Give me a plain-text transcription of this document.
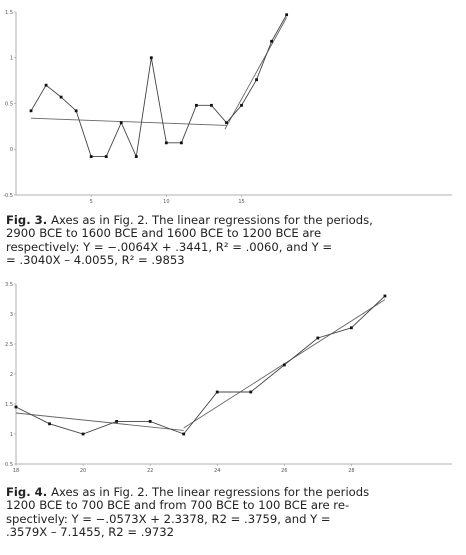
-0.5
0
0.5
1
1.5
5	10	15
Fig. 3. Axes as in Fig. 2. The linear regressions for the periods,
2900 BCE to 1600 BCE and 1600 BCE to 1200 BCE are
respectively: Y = −.0064X + .3441, R² = .0060, and Y =
= .3040X – 4.0055, R² = .9853
0.5
1
1.5
2
2.5
3
3.5
18	20	22	24	26	28
Fig. 4. Axes as in Fig. 2. The linear regressions for the periods
1200 BCE to 700 BCE and from 700 BCE to 100 BCE are re-
spectively: Y = −.0573X + 2.3378, R2 = .3759, and Y =
.3579X – 7.1455, R2 = .9732
